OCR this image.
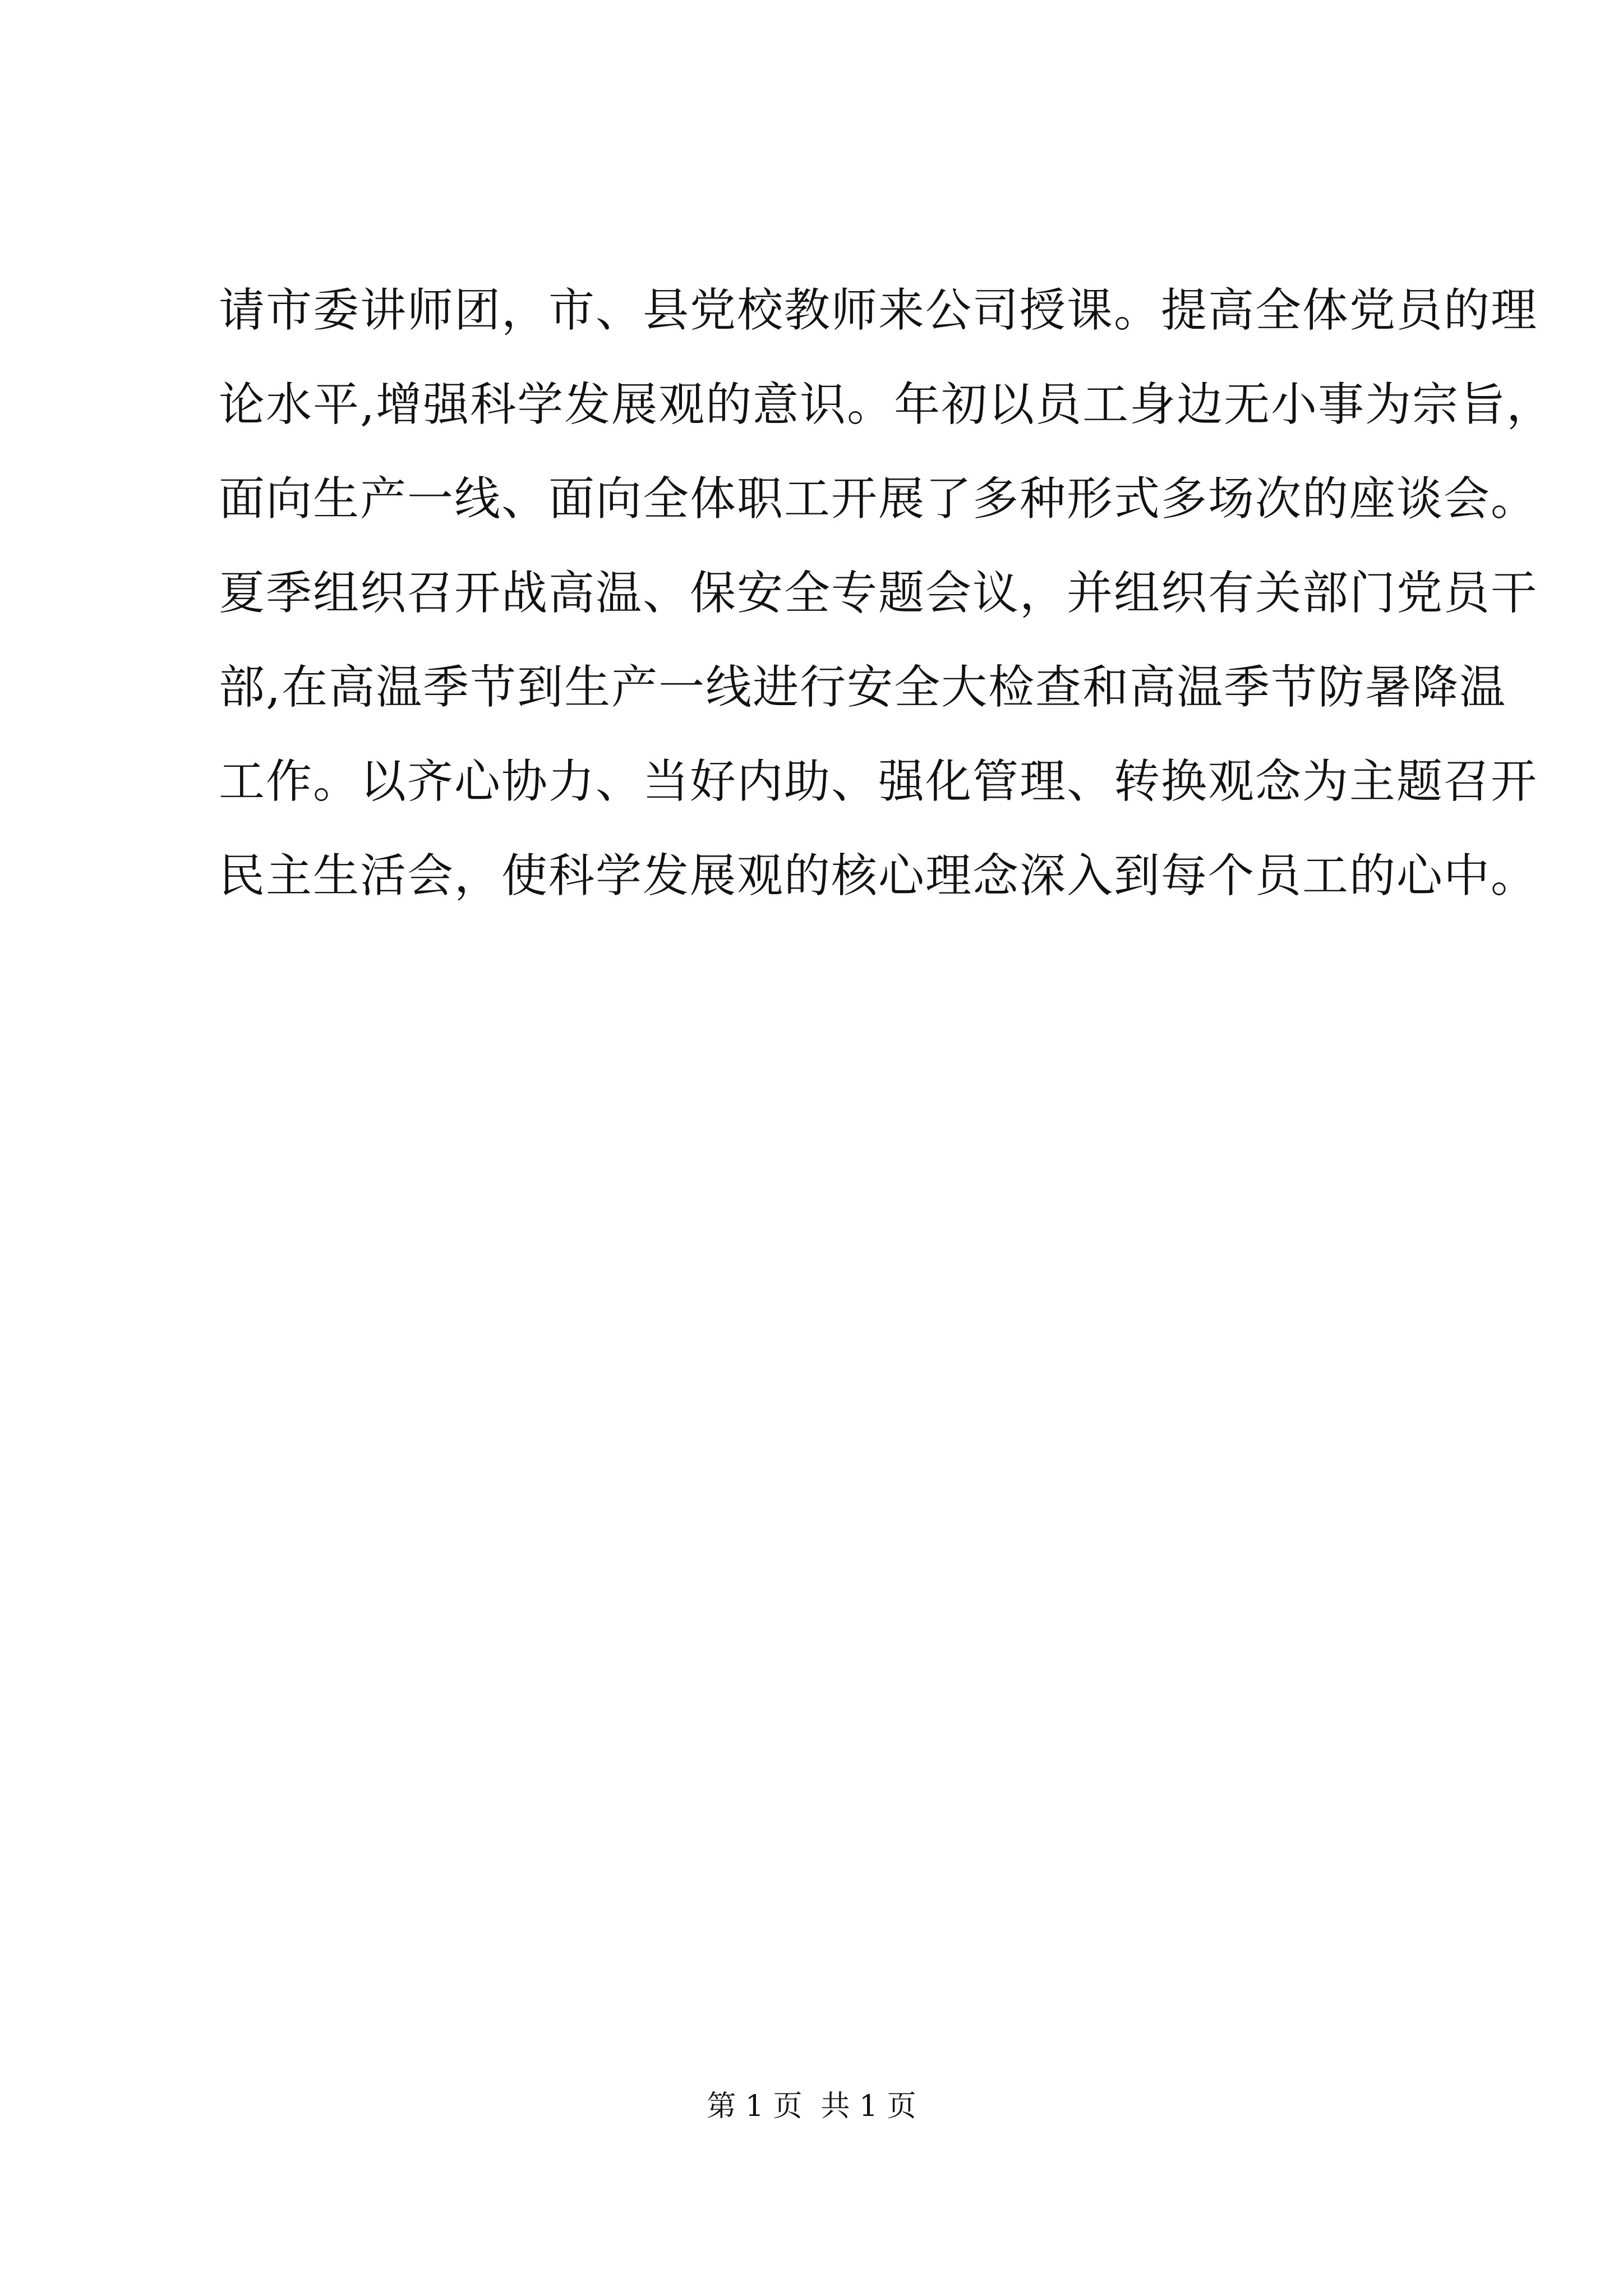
请市委讲师团，市、县党校教师来公司授课。提高全体党员的理
论水平,增强科学发展观的意识。年初以员工身边无小事为宗旨，
面向生产一线、面向全体职工开展了多种形式多场次的座谈会。
夏季组织召开战高温、保安全专题会议，并组织有关部门党员干
部,在高温季节到生产一线进行安全大检查和高温季节防暑降温
工作。以齐心协力、当好内助、强化管理、转换观念为主题召开
民主生活会，使科学发展观的核心理念深入到每个员工的心中。
第 1 页  共 1 页
